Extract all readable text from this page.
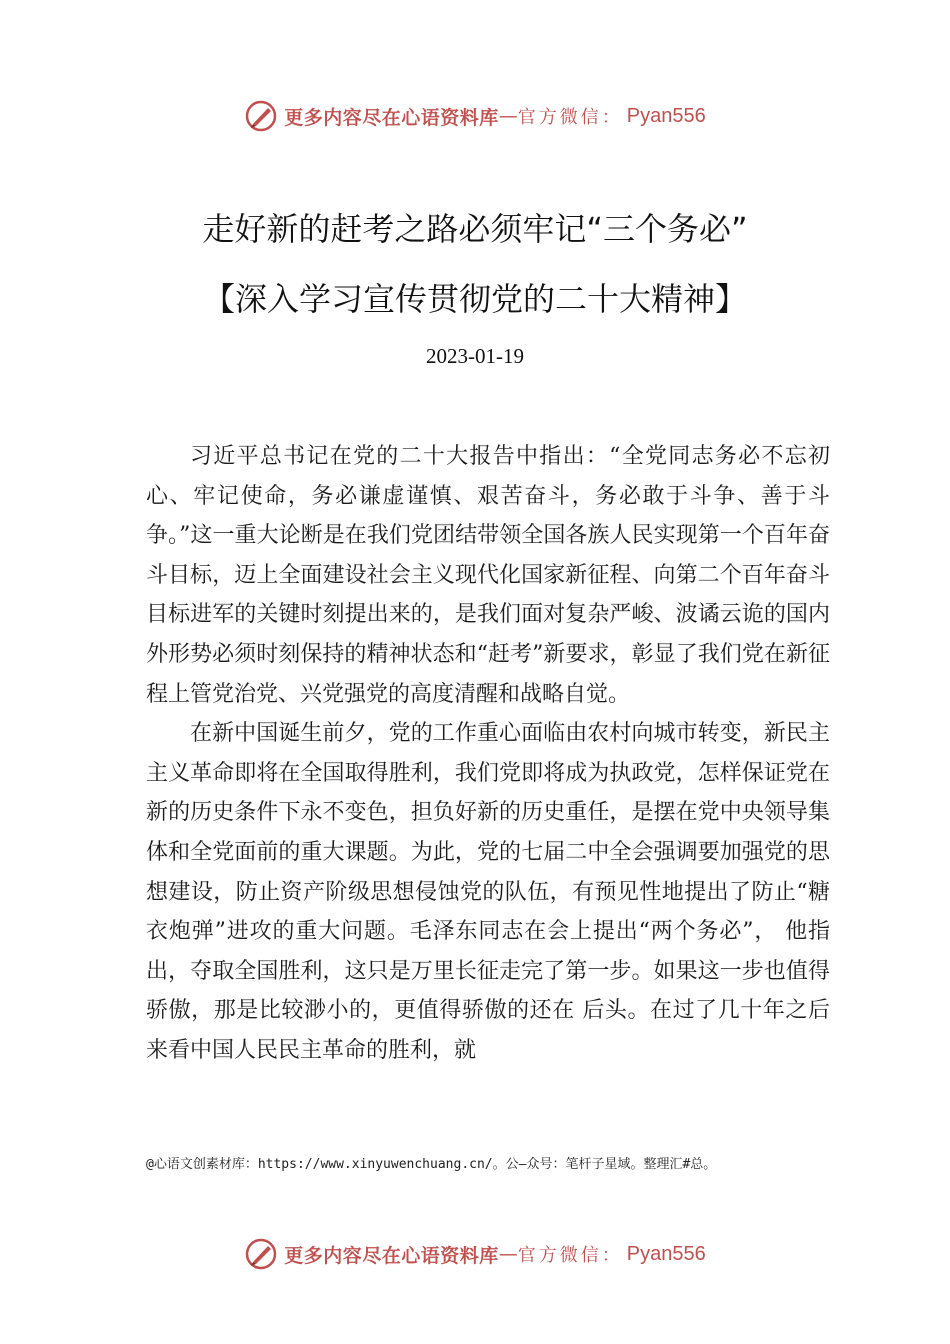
更多内容尽在心语资料库 — 官方微信： Pyan556
走好新的赶考之路必须牢记“三个务必”
【深入学习宣传贯彻党的二十大精神】
2023-01-19

习近平总书记在党的二十大报告中指出：“全党同志务必不忘初心、牢记使命，务必谦虚谨慎、艰苦奋斗，务必敢于斗争、善于斗争。”这一重大论断是在我们党团结带领全国各族人民实现第一个百年奋斗目标，迈上全面建设社会主义现代化国家新征程、向第二个百年奋斗目标进军的关键时刻提出来的，是我们面对复杂严峻、波谲云诡的国内外形势必须时刻保持的精神状态和“赶考”新要求，彰显了我们党在新征程上管党治党、兴党强党的高度清醒和战略自觉。

在新中国诞生前夕，党的工作重心面临由农村向城市转变，新民主主义革命即将在全国取得胜利，我们党即将成为执政党，怎样保证党在新的历史条件下永不变色，担负好新的历史重任，是摆在党中央领导集体和全党面前的重大课题。为此，党的七届二中全会强调要加强党的思想建设，防止资产阶级思想侵蚀党的队伍，有预见性地提出了防止“糖衣炮弹”进攻的重大问题。毛泽东同志在会上提出“两个务必”， 他指出，夺取全国胜利，这只是万里长征走完了第一步。如果这一步也值得骄傲，那是比较渺小的，更值得骄傲的还在 后头。在过了几十年之后来看中国人民民主革命的胜利，就

@心语文创素材库：https://www.xinyuwenchuang.cn/。公—众号：笔杆子星域。整理汇#总。
更多内容尽在心语资料库 — 官方微信： Pyan556
